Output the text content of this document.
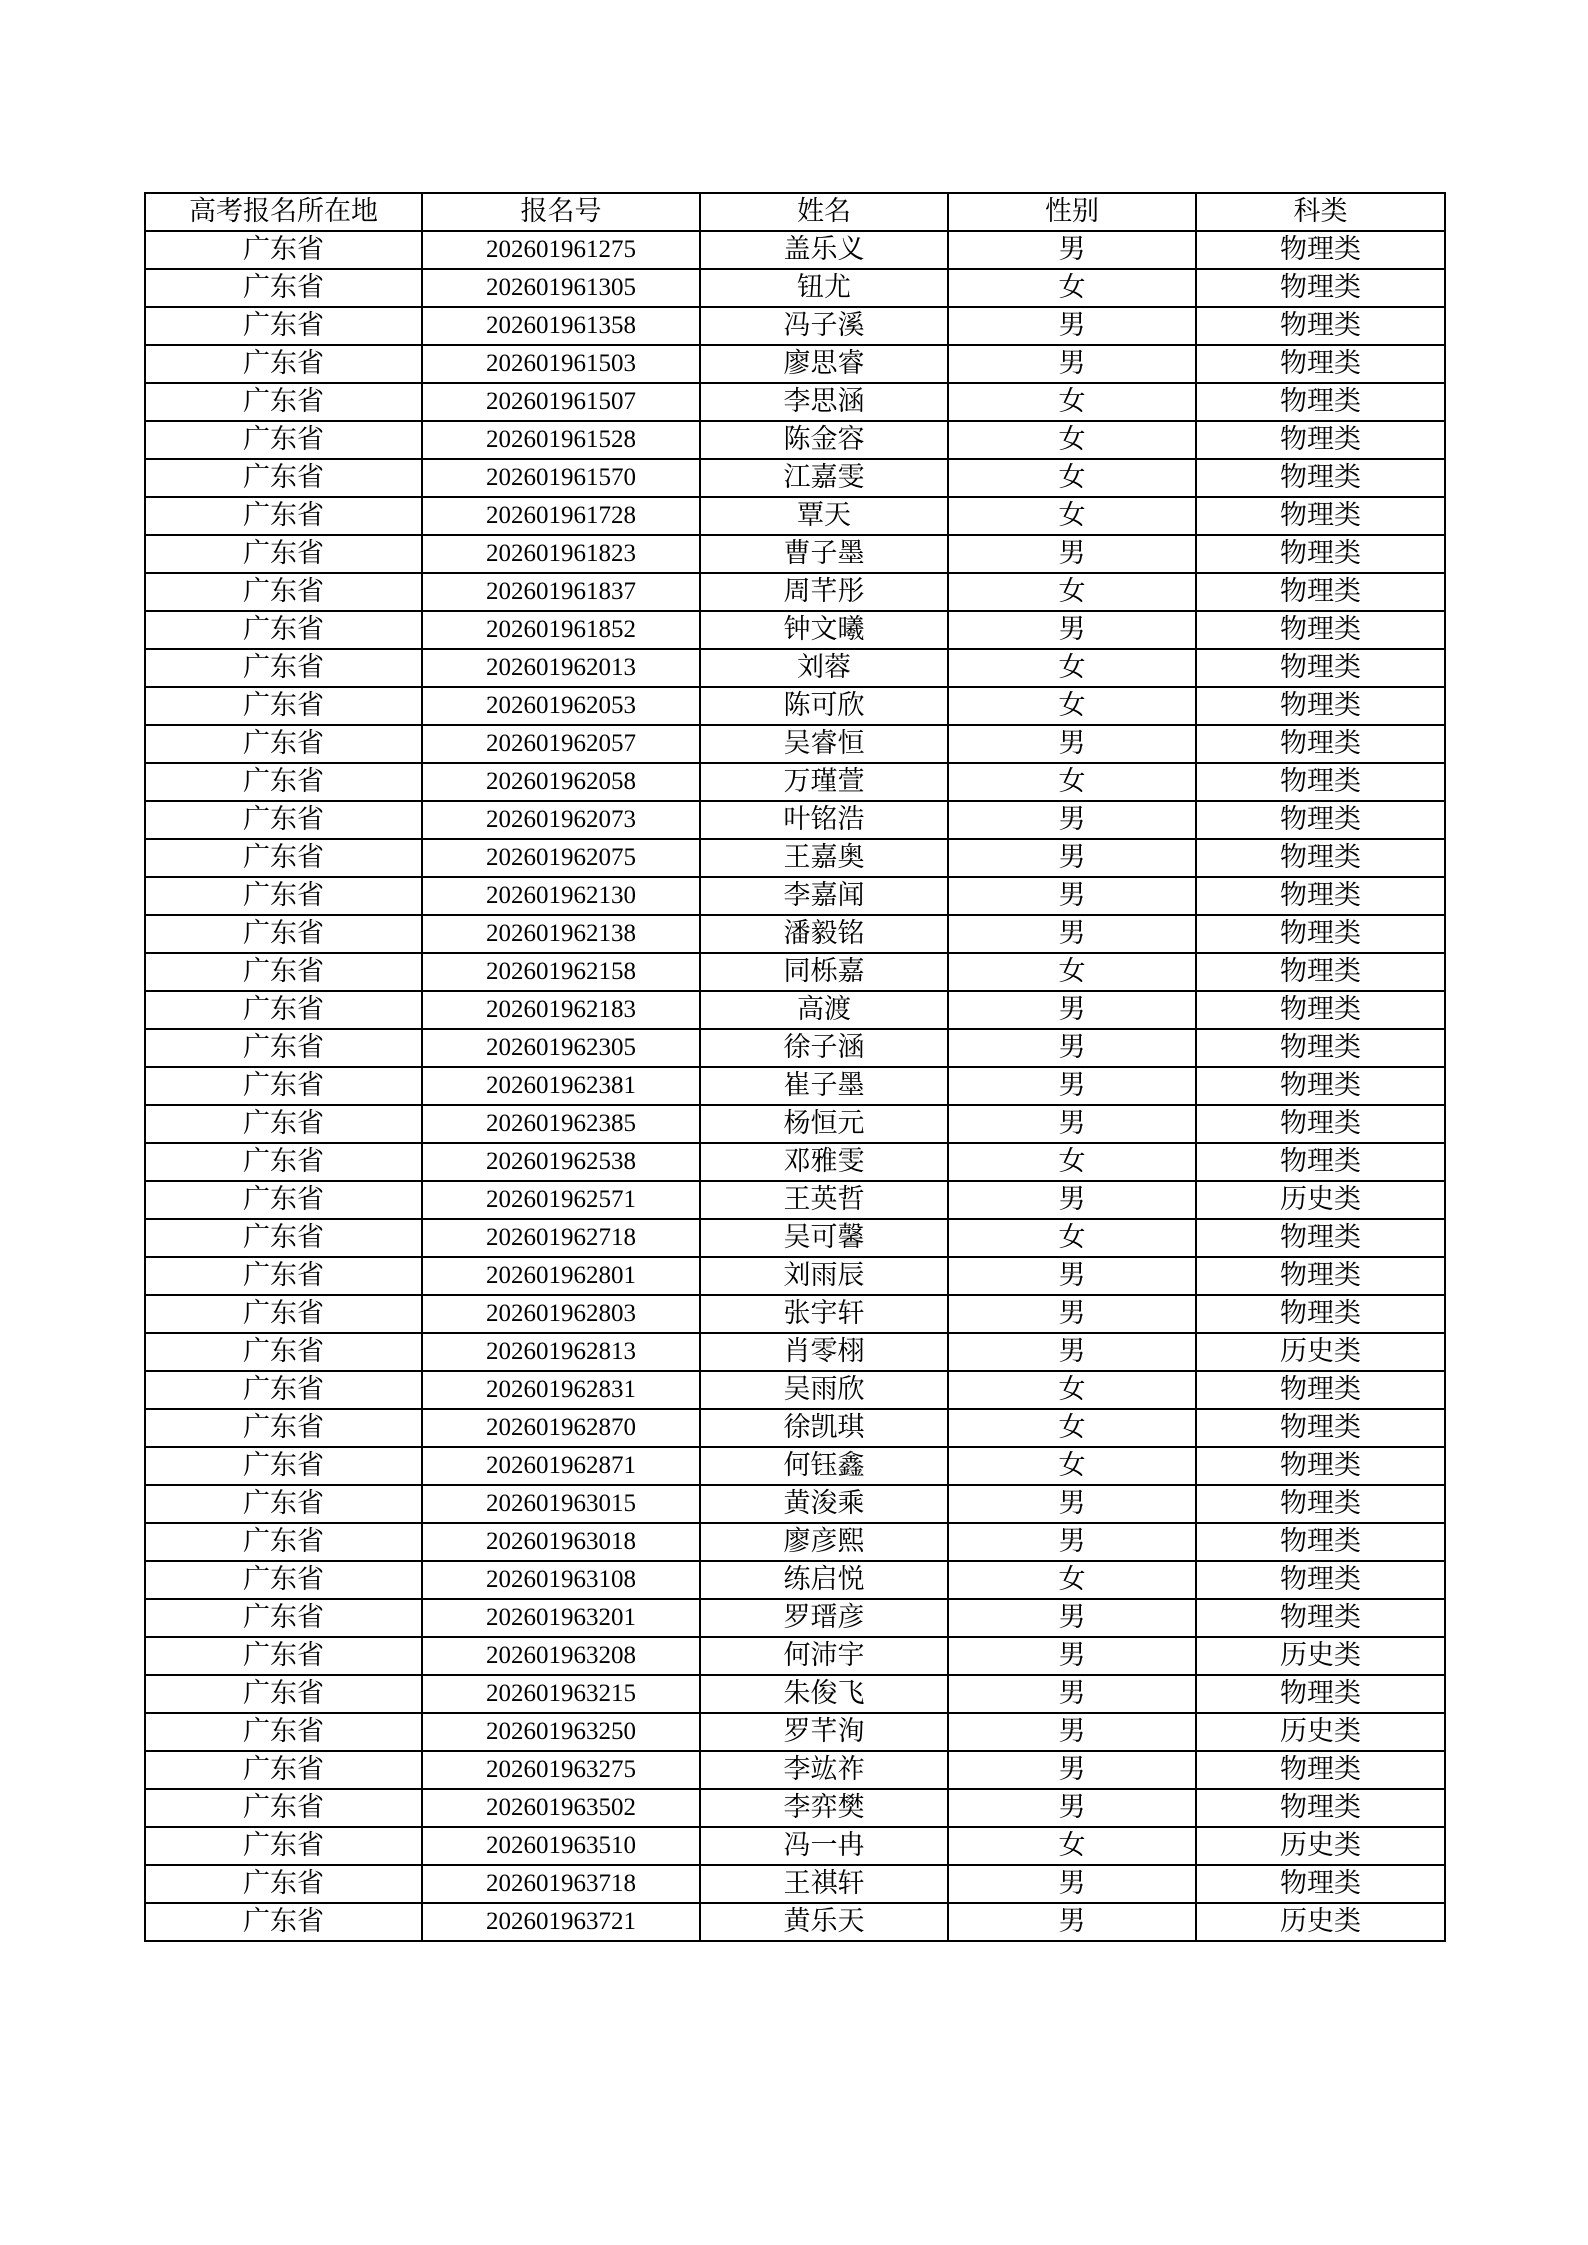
高考报名所在地	报名号	姓名	性别	科类
广东省	202601961275	盖乐义	男	物理类
广东省	202601961305	钮尤	女	物理类
广东省	202601961358	冯子溪	男	物理类
广东省	202601961503	廖思睿	男	物理类
广东省	202601961507	李思涵	女	物理类
广东省	202601961528	陈金容	女	物理类
广东省	202601961570	江嘉雯	女	物理类
广东省	202601961728	覃天	女	物理类
广东省	202601961823	曹子墨	男	物理类
广东省	202601961837	周芊彤	女	物理类
广东省	202601961852	钟文曦	男	物理类
广东省	202601962013	刘蓉	女	物理类
广东省	202601962053	陈可欣	女	物理类
广东省	202601962057	吴睿恒	男	物理类
广东省	202601962058	万瑾萱	女	物理类
广东省	202601962073	叶铭浩	男	物理类
广东省	202601962075	王嘉奥	男	物理类
广东省	202601962130	李嘉闻	男	物理类
广东省	202601962138	潘毅铭	男	物理类
广东省	202601962158	同栎嘉	女	物理类
广东省	202601962183	高渡	男	物理类
广东省	202601962305	徐子涵	男	物理类
广东省	202601962381	崔子墨	男	物理类
广东省	202601962385	杨恒元	男	物理类
广东省	202601962538	邓雅雯	女	物理类
广东省	202601962571	王英哲	男	历史类
广东省	202601962718	吴可馨	女	物理类
广东省	202601962801	刘雨辰	男	物理类
广东省	202601962803	张宇轩	男	物理类
广东省	202601962813	肖零栩	男	历史类
广东省	202601962831	吴雨欣	女	物理类
广东省	202601962870	徐凯琪	女	物理类
广东省	202601962871	何钰鑫	女	物理类
广东省	202601963015	黄浚乘	男	物理类
广东省	202601963018	廖彦熙	男	物理类
广东省	202601963108	练启悦	女	物理类
广东省	202601963201	罗瑨彦	男	物理类
广东省	202601963208	何沛宇	男	历史类
广东省	202601963215	朱俊飞	男	物理类
广东省	202601963250	罗芊洵	男	历史类
广东省	202601963275	李竑祚	男	物理类
广东省	202601963502	李弈樊	男	物理类
广东省	202601963510	冯一冉	女	历史类
广东省	202601963718	王祺轩	男	物理类
广东省	202601963721	黄乐天	男	历史类
